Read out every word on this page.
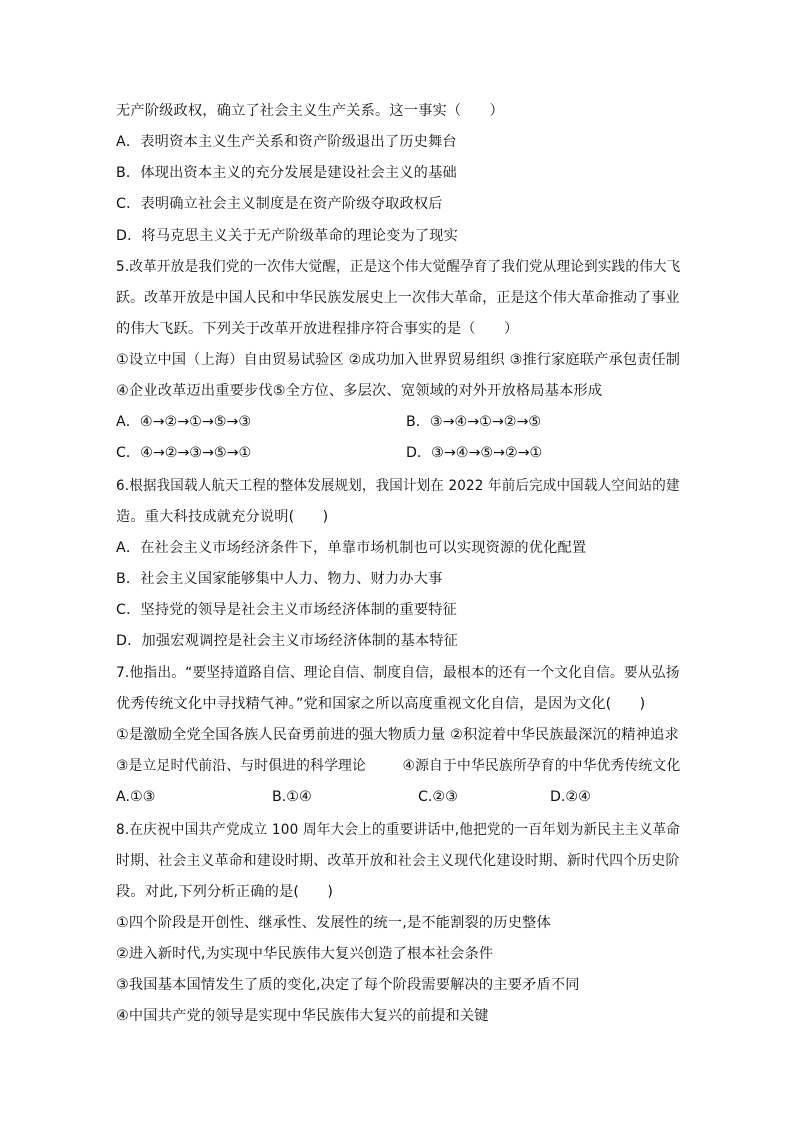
无产阶级政权，确立了社会主义生产关系。这一事实（      ）
A．表明资本主义生产关系和资产阶级退出了历史舞台
B．体现出资本主义的充分发展是建设社会主义的基础
C．表明确立社会主义制度是在资产阶级夺取政权后
D．将马克思主义关于无产阶级革命的理论变为了现实
5.改革开放是我们党的一次伟大觉醒，正是这个伟大觉醒孕育了我们党从理论到实践的伟大飞
跃。改革开放是中国人民和中华民族发展史上一次伟大革命，正是这个伟大革命推动了事业
的伟大飞跃。下列关于改革开放进程排序符合事实的是（      ）
①设立中国（上海）自由贸易试验区 ②成功加入世界贸易组织 ③推行家庭联产承包责任制
④企业改革迈出重要步伐⑤全方位、多层次、宽领域的对外开放格局基本形成
A．④→②→①→⑤→③	B．③→④→①→②→⑤
C．④→②→③→⑤→①	D．③→④→⑤→②→①
6.根据我国载人航天工程的整体发展规划，我国计划在 2022 年前后完成中国载人空间站的建
造。重大科技成就充分说明(      )
A．在社会主义市场经济条件下，单靠市场机制也可以实现资源的优化配置
B．社会主义国家能够集中人力、物力、财力办大事
C．坚持党的领导是社会主义市场经济体制的重要特征
D．加强宏观调控是社会主义市场经济体制的基本特征
7.他指出。“要坚持道路自信、理论自信、制度自信，最根本的还有一个文化自信。要从弘扬
优秀传统文化中寻找精气神。”党和国家之所以高度重视文化自信，是因为文化(      )
①是激励全党全国各族人民奋勇前进的强大物质力量 ②积淀着中华民族最深沉的精神追求
③是立足时代前沿、与时俱进的科学理论        ④源自于中华民族所孕育的中华优秀传统文化
A.①③	B.①④	C.②③	D.②④
8.在庆祝中国共产党成立 100 周年大会上的重要讲话中,他把党的一百年划为新民主主义革命
时期、社会主义革命和建设时期、改革开放和社会主义现代化建设时期、新时代四个历史阶
段。对此,下列分析正确的是(      )
①四个阶段是开创性、继承性、发展性的统一,是不能割裂的历史整体
②进入新时代,为实现中华民族伟大复兴创造了根本社会条件
③我国基本国情发生了质的变化,决定了每个阶段需要解决的主要矛盾不同
④中国共产党的领导是实现中华民族伟大复兴的前提和关键
